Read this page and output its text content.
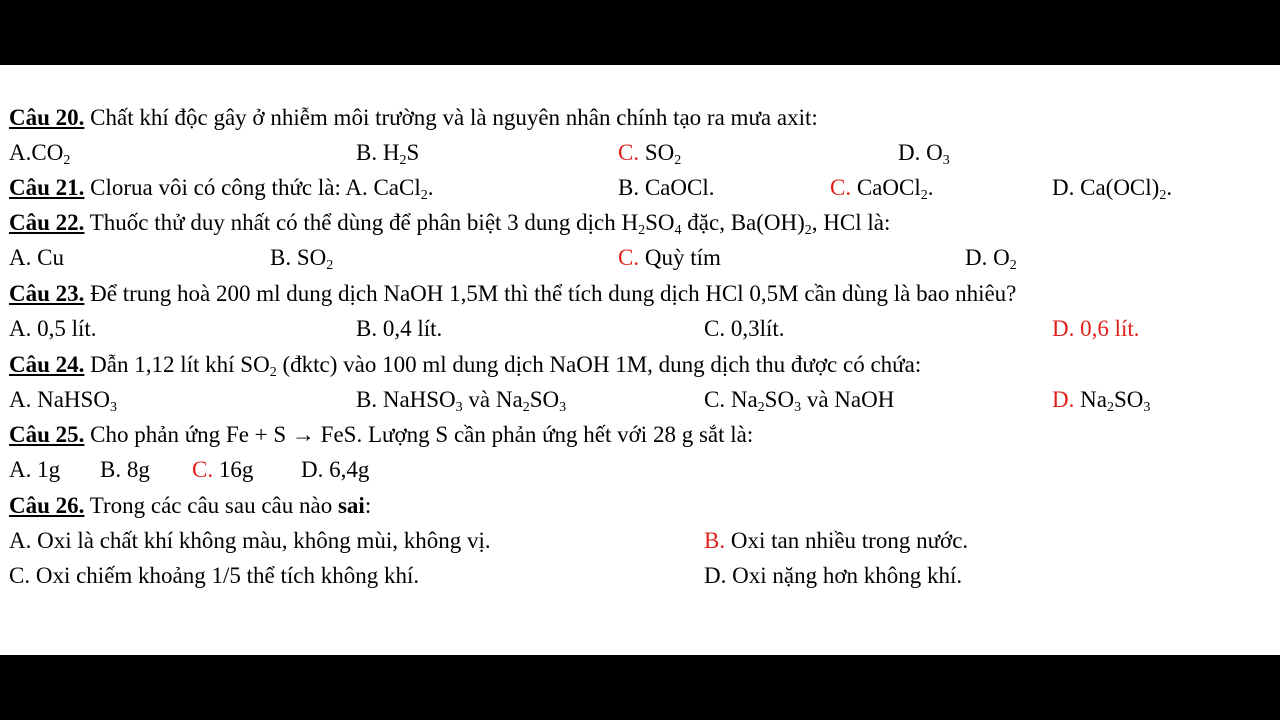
Câu 20. Chất khí độc gây ở nhiễm môi trường và là nguyên nhân chính tạo ra mưa axit:
$A.CO_2$	B. $H_2S$	C. $SO_2$	D. $O_3$
Câu 21. Clorua vôi có công thức là: A. CaCl$_2$.	B. CaOCl.	C. CaOCl$_2$.	D. $Ca(OCl)_2$.
Câu 22. Thuốc thử duy nhất có thể dùng để phân biệt 3 dung dịch $H_2SO_4$ đặc, $Ba(OH)_2$, HCl là:
A. Cu	B. $SO_2$	C. Quỳ tím	D. $O_2$
Câu 23. Để trung hoà 200 ml dung dịch NaOH 1,5M thì thể tích dung dịch HCl 0,5M cần dùng là bao nhiêu?
A. 0,5 lít.	B. 0,4 lít.	C. 0,3lít.	D. 0,6 lít.
Câu 24. Dẫn 1,12 lít khí $SO_2$ (đktc) vào 100 ml dung dịch NaOH 1M, dung dịch thu được có chứa:
A. NaHSO$_3$	B. NaHSO$_3$ và $Na_2SO_3$	C. $Na_2SO_3$ và NaOH	D. $Na_2SO_3$
Câu 25. Cho phản ứng Fe + S → FeS. Lượng S cần phản ứng hết với 28 g sắt là:
A. 1g B. 8g C. 16g D. 6,4g
Câu 26. Trong các câu sau câu nào sai:
A. Oxi là chất khí không màu, không mùi, không vị.	B. Oxi tan nhiều trong nước.
C. Oxi chiếm khoảng 1/5 thể tích không khí.	D. Oxi nặng hơn không khí.
